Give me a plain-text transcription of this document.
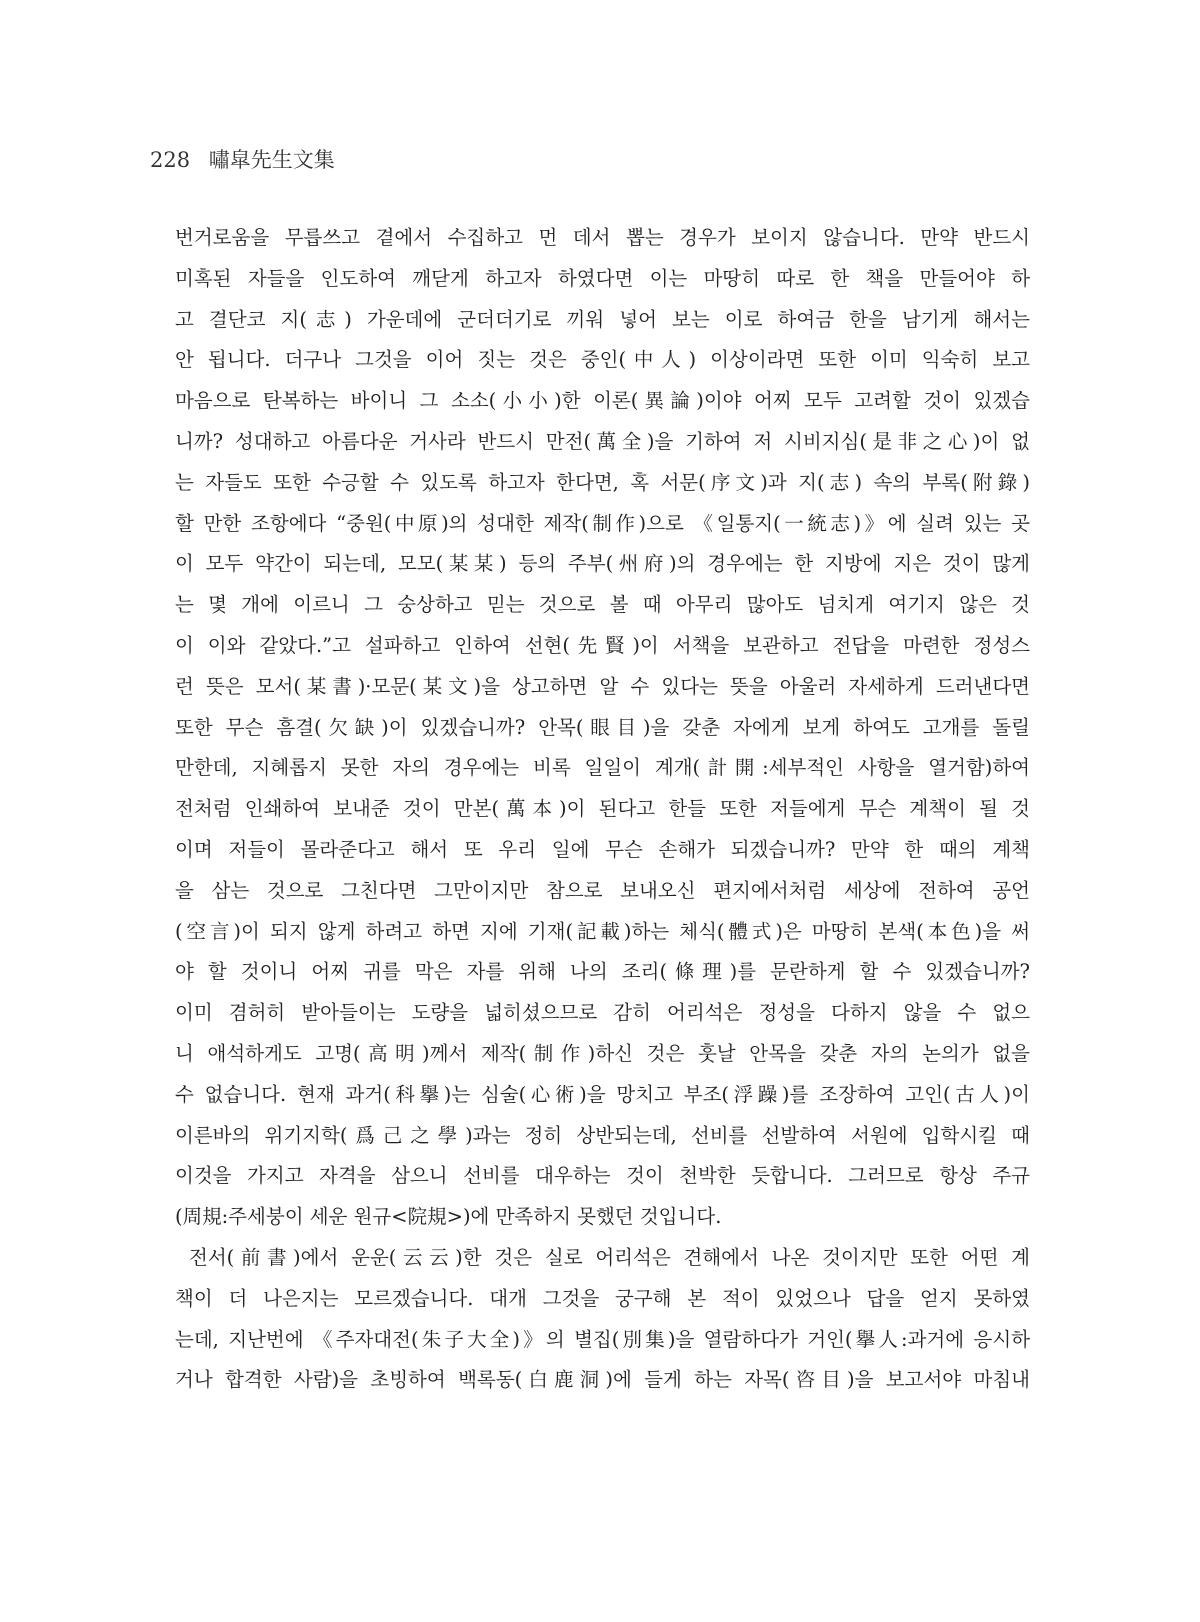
228 嘯皐先生文集
번거로움을 무릅쓰고 곁에서 수집하고 먼 데서 뽑는 경우가 보이지 않습니다. 만약 반드시
미혹된 자들을 인도하여 깨닫게 하고자 하였다면 이는 마땅히 따로 한 책을 만들어야 하
고 결단코 지(志) 가운데에 군더더기로 끼워 넣어 보는 이로 하여금 한을 남기게 해서는
안 됩니다. 더구나 그것을 이어 짓는 것은 중인(中人) 이상이라면 또한 이미 익숙히 보고
마음으로 탄복하는 바이니 그 소소(小小)한 이론(異論)이야 어찌 모두 고려할 것이 있겠습
니까? 성대하고 아름다운 거사라 반드시 만전(萬全)을 기하여 저 시비지심(是非之心)이 없
는 자들도 또한 수긍할 수 있도록 하고자 한다면, 혹 서문(序文)과 지(志) 속의 부록(附錄)
할 만한 조항에다 “중원(中原)의 성대한 제작(制作)으로 《일통지(一統志)》에 실려 있는 곳
이 모두 약간이 되는데, 모모(某某) 등의 주부(州府)의 경우에는 한 지방에 지은 것이 많게
는 몇 개에 이르니 그 숭상하고 믿는 것으로 볼 때 아무리 많아도 넘치게 여기지 않은 것
이 이와 같았다.”고 설파하고 인하여 선현(先賢)이 서책을 보관하고 전답을 마련한 정성스
런 뜻은 모서(某書)·모문(某文)을 상고하면 알 수 있다는 뜻을 아울러 자세하게 드러낸다면
또한 무슨 흠결(欠缺)이 있겠습니까? 안목(眼目)을 갖춘 자에게 보게 하여도 고개를 돌릴
만한데, 지혜롭지 못한 자의 경우에는 비록 일일이 계개(計開:세부적인 사항을 열거함)하여
전처럼 인쇄하여 보내준 것이 만본(萬本)이 된다고 한들 또한 저들에게 무슨 계책이 될 것
이며 저들이 몰라준다고 해서 또 우리 일에 무슨 손해가 되겠습니까? 만약 한 때의 계책
을 삼는 것으로 그친다면 그만이지만 참으로 보내오신 편지에서처럼 세상에 전하여 공언
(空言)이 되지 않게 하려고 하면 지에 기재(記載)하는 체식(體式)은 마땅히 본색(本色)을 써
야 할 것이니 어찌 귀를 막은 자를 위해 나의 조리(條理)를 문란하게 할 수 있겠습니까?
이미 겸허히 받아들이는 도량을 넓히셨으므로 감히 어리석은 정성을 다하지 않을 수 없으
니 애석하게도 고명(高明)께서 제작(制作)하신 것은 훗날 안목을 갖춘 자의 논의가 없을
수 없습니다. 현재 과거(科擧)는 심술(心術)을 망치고 부조(浮躁)를 조장하여 고인(古人)이
이른바의 위기지학(爲己之學)과는 정히 상반되는데, 선비를 선발하여 서원에 입학시킬 때
이것을 가지고 자격을 삼으니 선비를 대우하는 것이 천박한 듯합니다. 그러므로 항상 주규
(周規:주세붕이 세운 원규<院規>)에 만족하지 못했던 것입니다.
전서(前書)에서 운운(云云)한 것은 실로 어리석은 견해에서 나온 것이지만 또한 어떤 계
책이 더 나은지는 모르겠습니다. 대개 그것을 궁구해 본 적이 있었으나 답을 얻지 못하였
는데, 지난번에 《주자대전(朱子大全)》의 별집(別集)을 열람하다가 거인(擧人:과거에 응시하
거나 합격한 사람)을 초빙하여 백록동(白鹿洞)에 들게 하는 자목(咨目)을 보고서야 마침내
